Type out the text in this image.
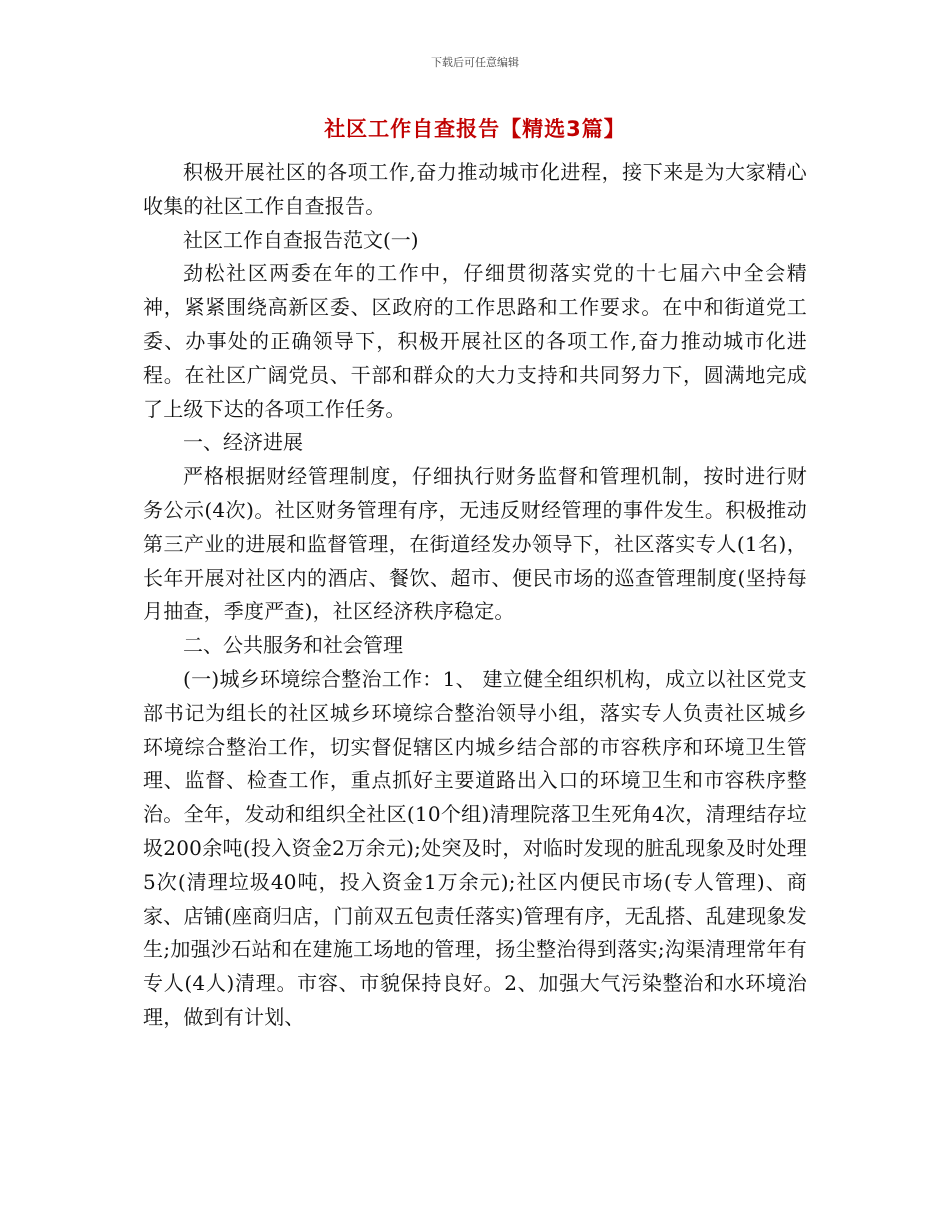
下载后可任意编辑
社区工作自查报告【精选3篇】

积极开展社区的各项工作,奋力推动城市化进程，接下来是为大家精心收集的社区工作自查报告。

社区工作自查报告范文(一)

劲松社区两委在年的工作中，仔细贯彻落实党的十七届六中全会精神，紧紧围绕高新区委、区政府的工作思路和工作要求。在中和街道党工委、办事处的正确领导下，积极开展社区的各项工作,奋力推动城市化进程。在社区广阔党员、干部和群众的大力支持和共同努力下，圆满地完成了上级下达的各项工作任务。

一、经济进展

严格根据财经管理制度，仔细执行财务监督和管理机制，按时进行财务公示(4次)。社区财务管理有序，无违反财经管理的事件发生。积极推动第三产业的进展和监督管理，在街道经发办领导下，社区落实专人(1名)，长年开展对社区内的酒店、餐饮、超市、便民市场的巡查管理制度(坚持每月抽查，季度严查)，社区经济秩序稳定。

二、公共服务和社会管理

(一)城乡环境综合整治工作：1、 建立健全组织机构，成立以社区党支部书记为组长的社区城乡环境综合整治领导小组，落实专人负责社区城乡环境综合整治工作，切实督促辖区内城乡结合部的市容秩序和环境卫生管理、监督、检查工作，重点抓好主要道路出入口的环境卫生和市容秩序整治。全年，发动和组织全社区(10个组)清理院落卫生死角4次，清理结存垃圾200余吨(投入资金2万余元);处突及时，对临时发现的脏乱现象及时处理5次(清理垃圾40吨，投入资金1万余元);社区内便民市场(专人管理)、商家、店铺(座商归店，门前双五包责任落实)管理有序，无乱搭、乱建现象发生;加强沙石站和在建施工场地的管理，扬尘整治得到落实;沟渠清理常年有专人(4人)清理。市容、市貌保持良好。2、加强大气污染整治和水环境治理，做到有计划、
